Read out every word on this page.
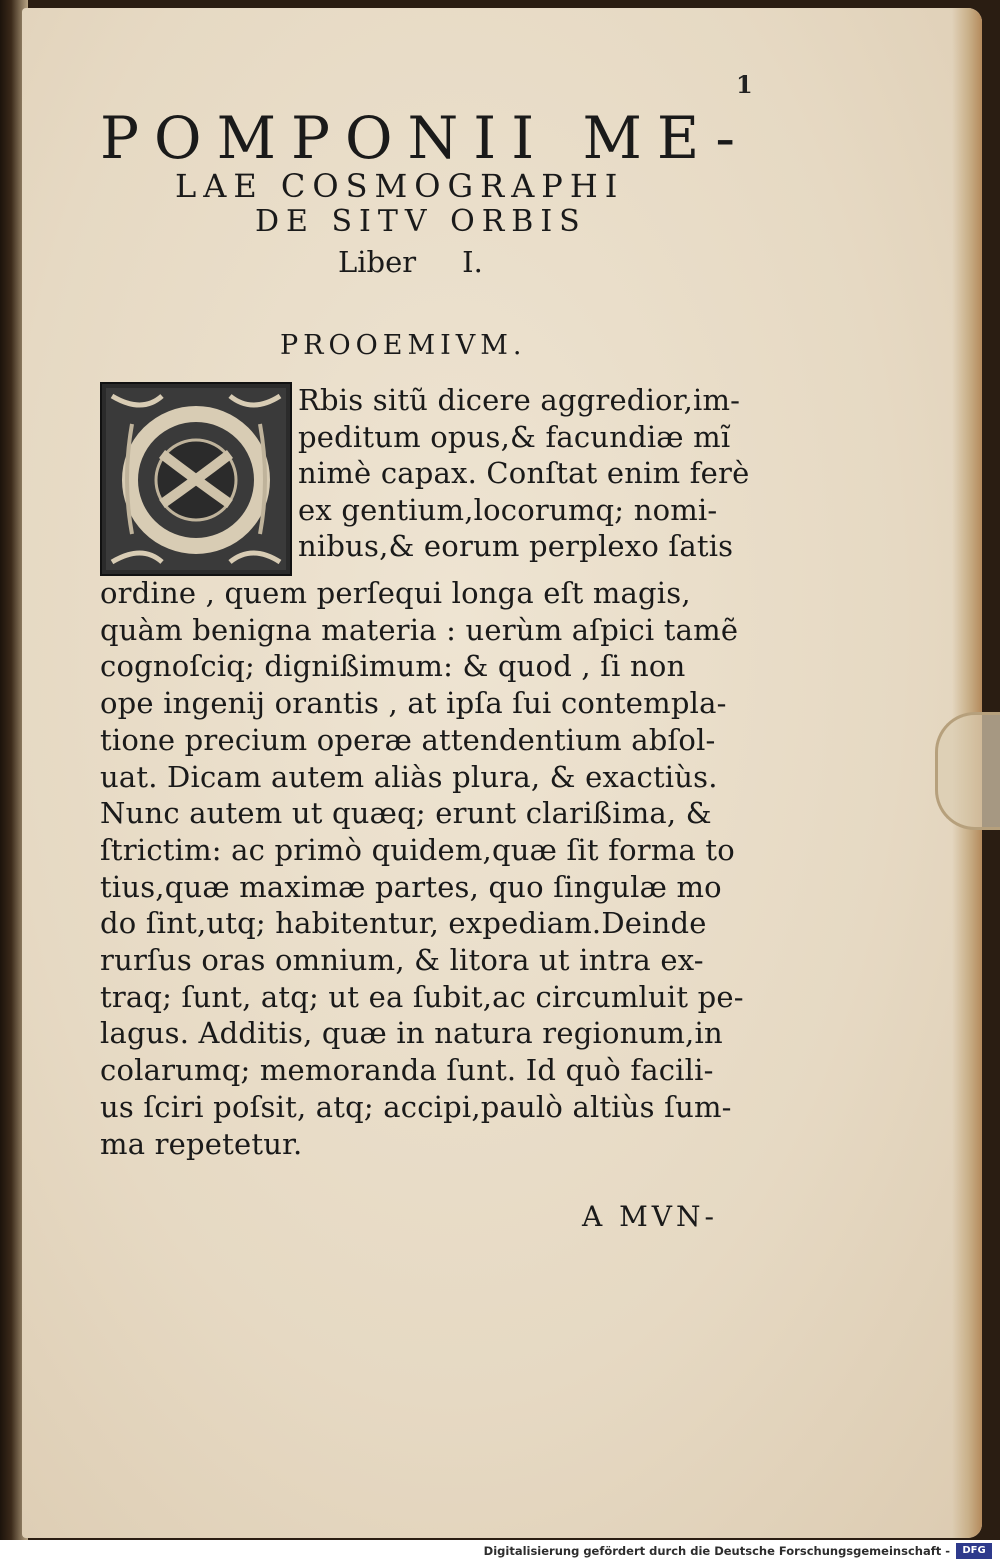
1
POMPONII ME-
LAE COSMOGRAPHI
DE SITV ORBIS
Liber I.
PROOEMIVM.
Rbis sitũ dicere aggredior,im-
peditum opus,& facundiæ mĩ
nimè capax. Conſtat enim ferè
ex gentium,locorumq; nomi-
nibus,& eorum perplexo ſatis
ordine , quem perſequi longa eſt magis,
quàm benigna materia : uerùm aſpici tamẽ
cognoſciq; dignißimum: & quod , ſi non
ope ingenij orantis , at ipſa ſui contempla-
tione precium operæ attendentium abſol-
uat. Dicam autem aliàs plura, & exactiùs.
Nunc autem ut quæq; erunt clarißima, &
ſtrictim: ac primò quidem,quæ ſit forma to
tius,quæ maximæ partes, quo ſingulæ mo
do ſint,utq; habitentur, expediam.Deinde
rurſus oras omnium, & litora ut intra ex-
traq; ſunt, atq; ut ea ſubit,ac circumluit pe-
lagus. Additis, quæ in natura regionum,in
colarumq; memoranda ſunt. Id quò facili-
us ſciri poſsit, atq; accipi,paulò altiùs ſum-
ma repetetur.
A MVN-
Digitalisierung gefördert durch die Deutsche Forschungsgemeinschaft -	DFG
